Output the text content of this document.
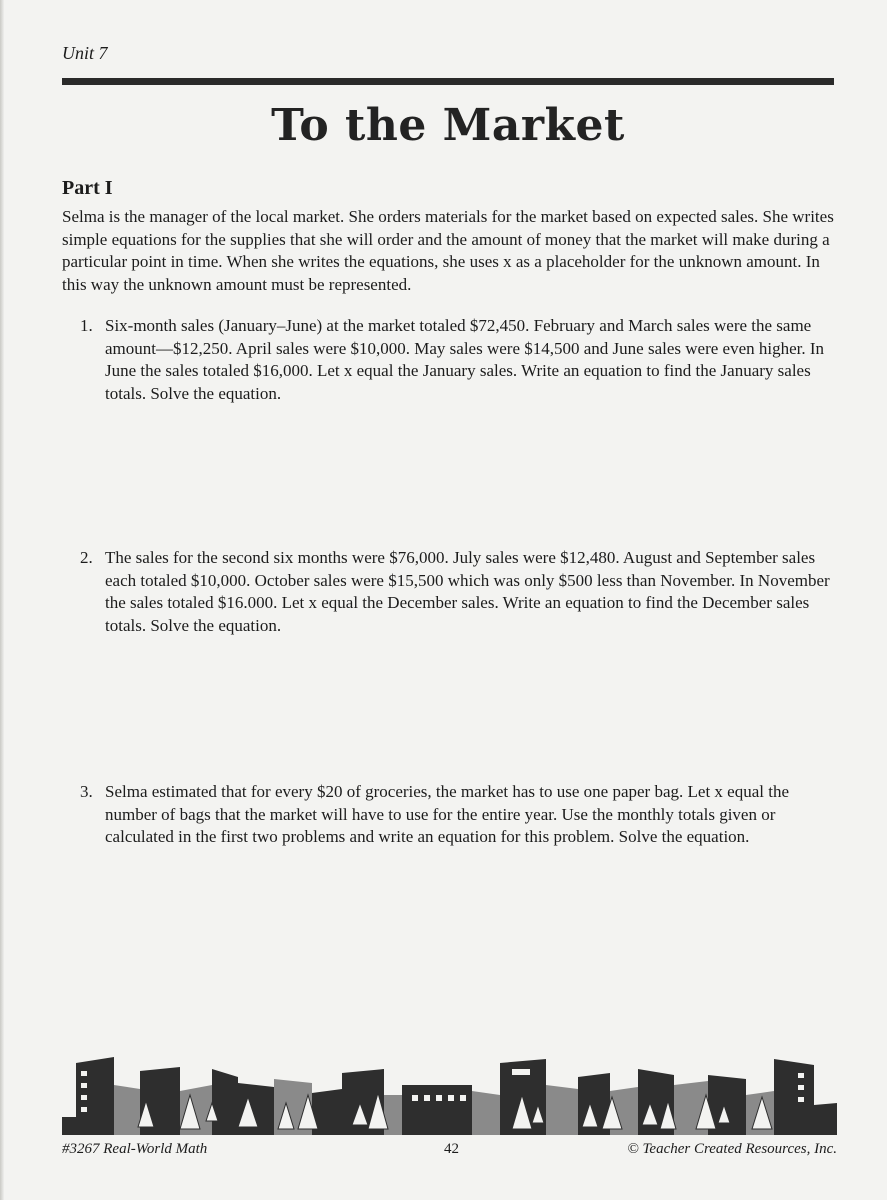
Unit 7
To the Market
Part I

Selma is the manager of the local market. She orders materials for the market based on expected sales. She writes simple equations for the supplies that she will order and the amount of money that the market will make during a particular point in time. When she writes the equations, she uses x as a placeholder for the unknown amount. In this way the unknown amount must be represented.

1. Six-month sales (January–June) at the market totaled $72,450. February and March sales were the same amount—$12,250. April sales were $10,000. May sales were $14,500 and June sales were even higher. In June the sales totaled $16,000. Let x equal the January sales. Write an equation to find the January sales totals. Solve the equation.

2. The sales for the second six months were $76,000. July sales were $12,480. August and September sales each totaled $10,000. October sales were $15,500 which was only $500 less than November. In November the sales totaled $16.000. Let x equal the December sales. Write an equation to find the December sales totals. Solve the equation.

3. Selma estimated that for every $20 of groceries, the market has to use one paper bag. Let x equal the number of bags that the market will have to use for the entire year. Use the monthly totals given or calculated in the first two problems and write an equation for this problem. Solve the equation.

#3267 Real-World Math	42	© Teacher Created Resources, Inc.
